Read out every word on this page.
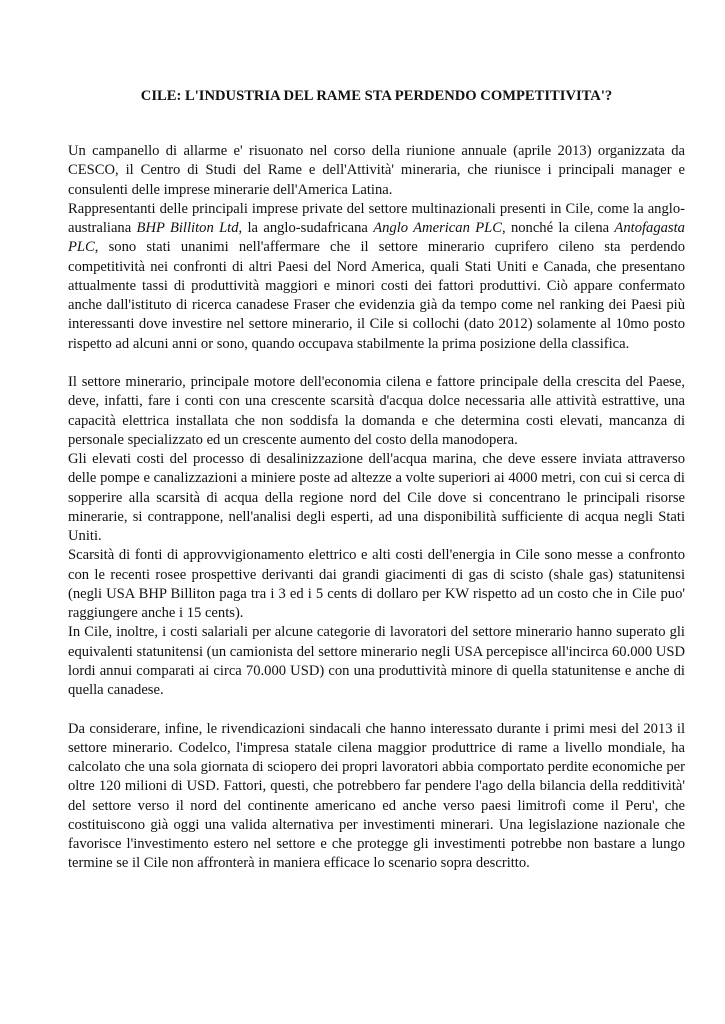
CILE: L'INDUSTRIA DEL RAME STA PERDENDO COMPETITIVITA'?

Un campanello di allarme e' risuonato nel corso della riunione annuale (aprile 2013) organizzata da CESCO, il Centro di Studi del Rame e dell'Attività' mineraria, che riunisce i principali manager e consulenti delle imprese minerarie dell'America Latina.

Rappresentanti delle principali imprese private del settore multinazionali presenti in Cile, come la anglo-australiana BHP Billiton Ltd, la anglo-sudafricana Anglo American PLC, nonché la cilena Antofagasta PLC, sono stati unanimi nell'affermare che il settore minerario cuprifero cileno sta perdendo competitività nei confronti di altri Paesi del Nord America, quali Stati Uniti e Canada, che presentano attualmente tassi di produttività maggiori e minori costi dei fattori produttivi. Ciò appare confermato anche dall'istituto di ricerca canadese Fraser che evidenzia già da tempo come nel ranking dei Paesi più interessanti dove investire nel settore minerario, il Cile si collochi (dato 2012) solamente al 10mo posto rispetto ad alcuni anni or sono, quando occupava stabilmente la prima posizione della classifica.

Il settore minerario, principale motore dell'economia cilena e fattore principale della crescita del Paese, deve, infatti, fare i conti con una crescente scarsità d'acqua dolce necessaria alle attività estrattive, una capacità elettrica installata che non soddisfa la domanda e che determina costi elevati, mancanza di personale specializzato ed un crescente aumento del costo della manodopera.

Gli elevati costi del processo di desalinizzazione dell'acqua marina, che deve essere inviata attraverso delle pompe e canalizzazioni a miniere poste ad altezze a volte superiori ai 4000 metri, con cui si cerca di sopperire alla scarsità di acqua della regione nord del Cile dove si concentrano le principali risorse minerarie, si contrappone, nell'analisi degli esperti, ad una disponibilità sufficiente di acqua negli Stati Uniti.

Scarsità di fonti di approvvigionamento elettrico e alti costi dell'energia in Cile sono messe a confronto con le recenti rosee prospettive derivanti dai grandi giacimenti di gas di scisto (shale gas) statunitensi (negli USA BHP Billiton paga tra i 3 ed i 5 cents di dollaro per KW rispetto ad un costo che in Cile puo' raggiungere anche i 15 cents).

In Cile, inoltre, i costi salariali per alcune categorie di lavoratori del settore minerario hanno superato gli equivalenti statunitensi (un camionista del settore minerario negli USA percepisce all'incirca 60.000 USD lordi annui comparati ai circa 70.000 USD) con una produttività minore di quella statunitense e anche di quella canadese.

Da considerare, infine, le rivendicazioni sindacali che hanno interessato durante i primi mesi del 2013 il settore minerario. Codelco, l'impresa statale cilena maggior produttrice di rame a livello mondiale, ha calcolato che una sola giornata di sciopero dei propri lavoratori abbia comportato perdite economiche per oltre 120 milioni di USD. Fattori, questi, che potrebbero far pendere l'ago della bilancia della redditività' del settore verso il nord del continente americano ed anche verso paesi limitrofi come il Peru', che costituiscono già oggi una valida alternativa per investimenti minerari. Una legislazione nazionale che favorisce l'investimento estero nel settore e che protegge gli investimenti potrebbe non bastare a lungo termine se il Cile non affronterà in maniera efficace lo scenario sopra descritto.
